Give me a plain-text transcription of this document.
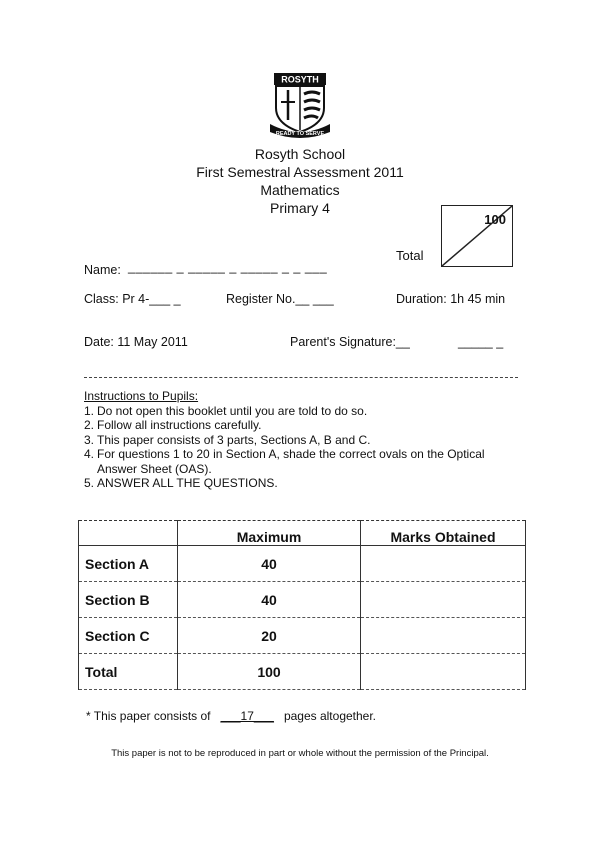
ROSYTH
READY TO SERVE
Rosyth School
First Semestral Assessment 2011
Mathematics
Primary 4
Total
100
Name: ______ _ _____ _ _____ _ _ ___
Class: Pr 4-___ _	Register No.__ ___	Duration: 1h 45 min
Date: 11 May 2011	Parent's Signature:__	_____ _
Instructions to Pupils:
1. Do not open this booklet until you are told to do so.
2. Follow all instructions carefully.
3. This paper consists of 3 parts, Sections A, B and C.
4. For questions 1 to 20 in Section A, shade the correct ovals on the Optical Answer Sheet (OAS).
5. ANSWER ALL THE QUESTIONS.
	Maximum	Marks Obtained
Section A	40	
Section B	40	
Section C	20	
Total	100	
* This paper consists of ___17___ pages altogether.
This paper is not to be reproduced in part or whole without the permission of the Principal.
